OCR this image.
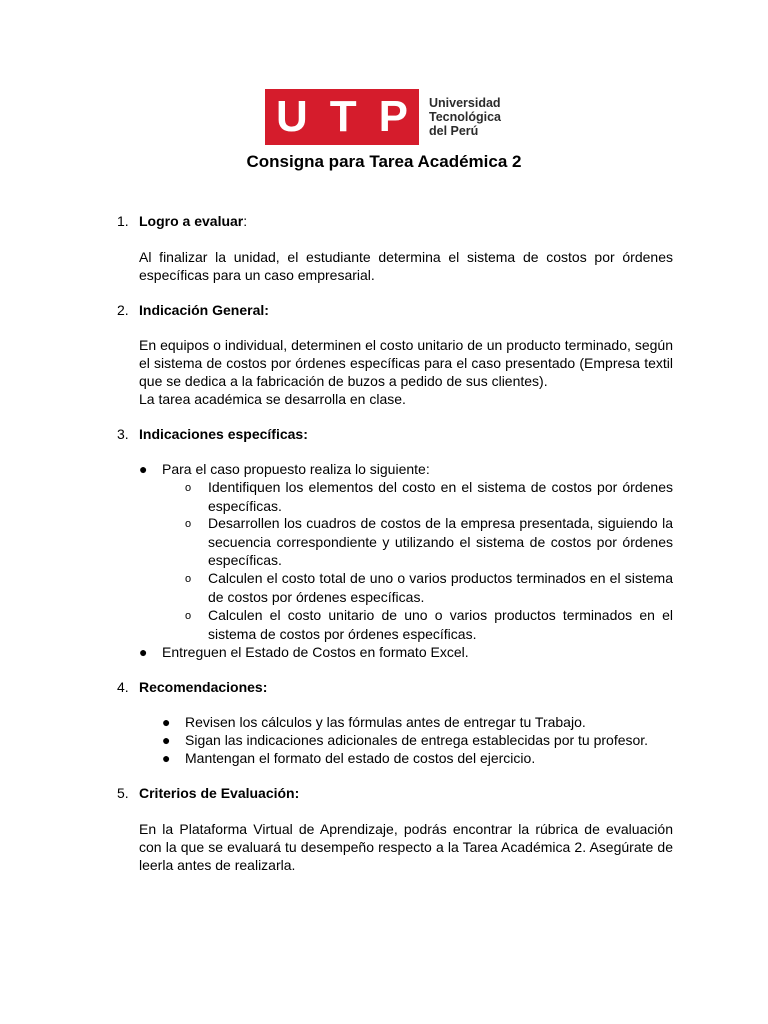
U T P Universidad
Tecnológica
del Perú
Consigna para Tarea Académica 2
1. Logro a evaluar:
Al finalizar la unidad, el estudiante determina el sistema de costos por órdenes específicas para un caso empresarial.
2. Indicación General:
En equipos o individual, determinen el costo unitario de un producto terminado, según el sistema de costos por órdenes específicas para el caso presentado (Empresa textil que se dedica a la fabricación de buzos a pedido de sus clientes).
La tarea académica se desarrolla en clase.
3. Indicaciones específicas:
● Para el caso propuesto realiza lo siguiente:
o Identifiquen los elementos del costo en el sistema de costos por órdenes específicas.
o Desarrollen los cuadros de costos de la empresa presentada, siguiendo la secuencia correspondiente y utilizando el sistema de costos por órdenes específicas.
o Calculen el costo total de uno o varios productos terminados en el sistema de costos por órdenes específicas.
o Calculen el costo unitario de uno o varios productos terminados en el sistema de costos por órdenes específicas.
● Entreguen el Estado de Costos en formato Excel.
4. Recomendaciones:
● Revisen los cálculos y las fórmulas antes de entregar tu Trabajo.
● Sigan las indicaciones adicionales de entrega establecidas por tu profesor.
● Mantengan el formato del estado de costos del ejercicio.
5. Criterios de Evaluación:
En la Plataforma Virtual de Aprendizaje, podrás encontrar la rúbrica de evaluación con la que se evaluará tu desempeño respecto a la Tarea Académica 2. Asegúrate de leerla antes de realizarla.
